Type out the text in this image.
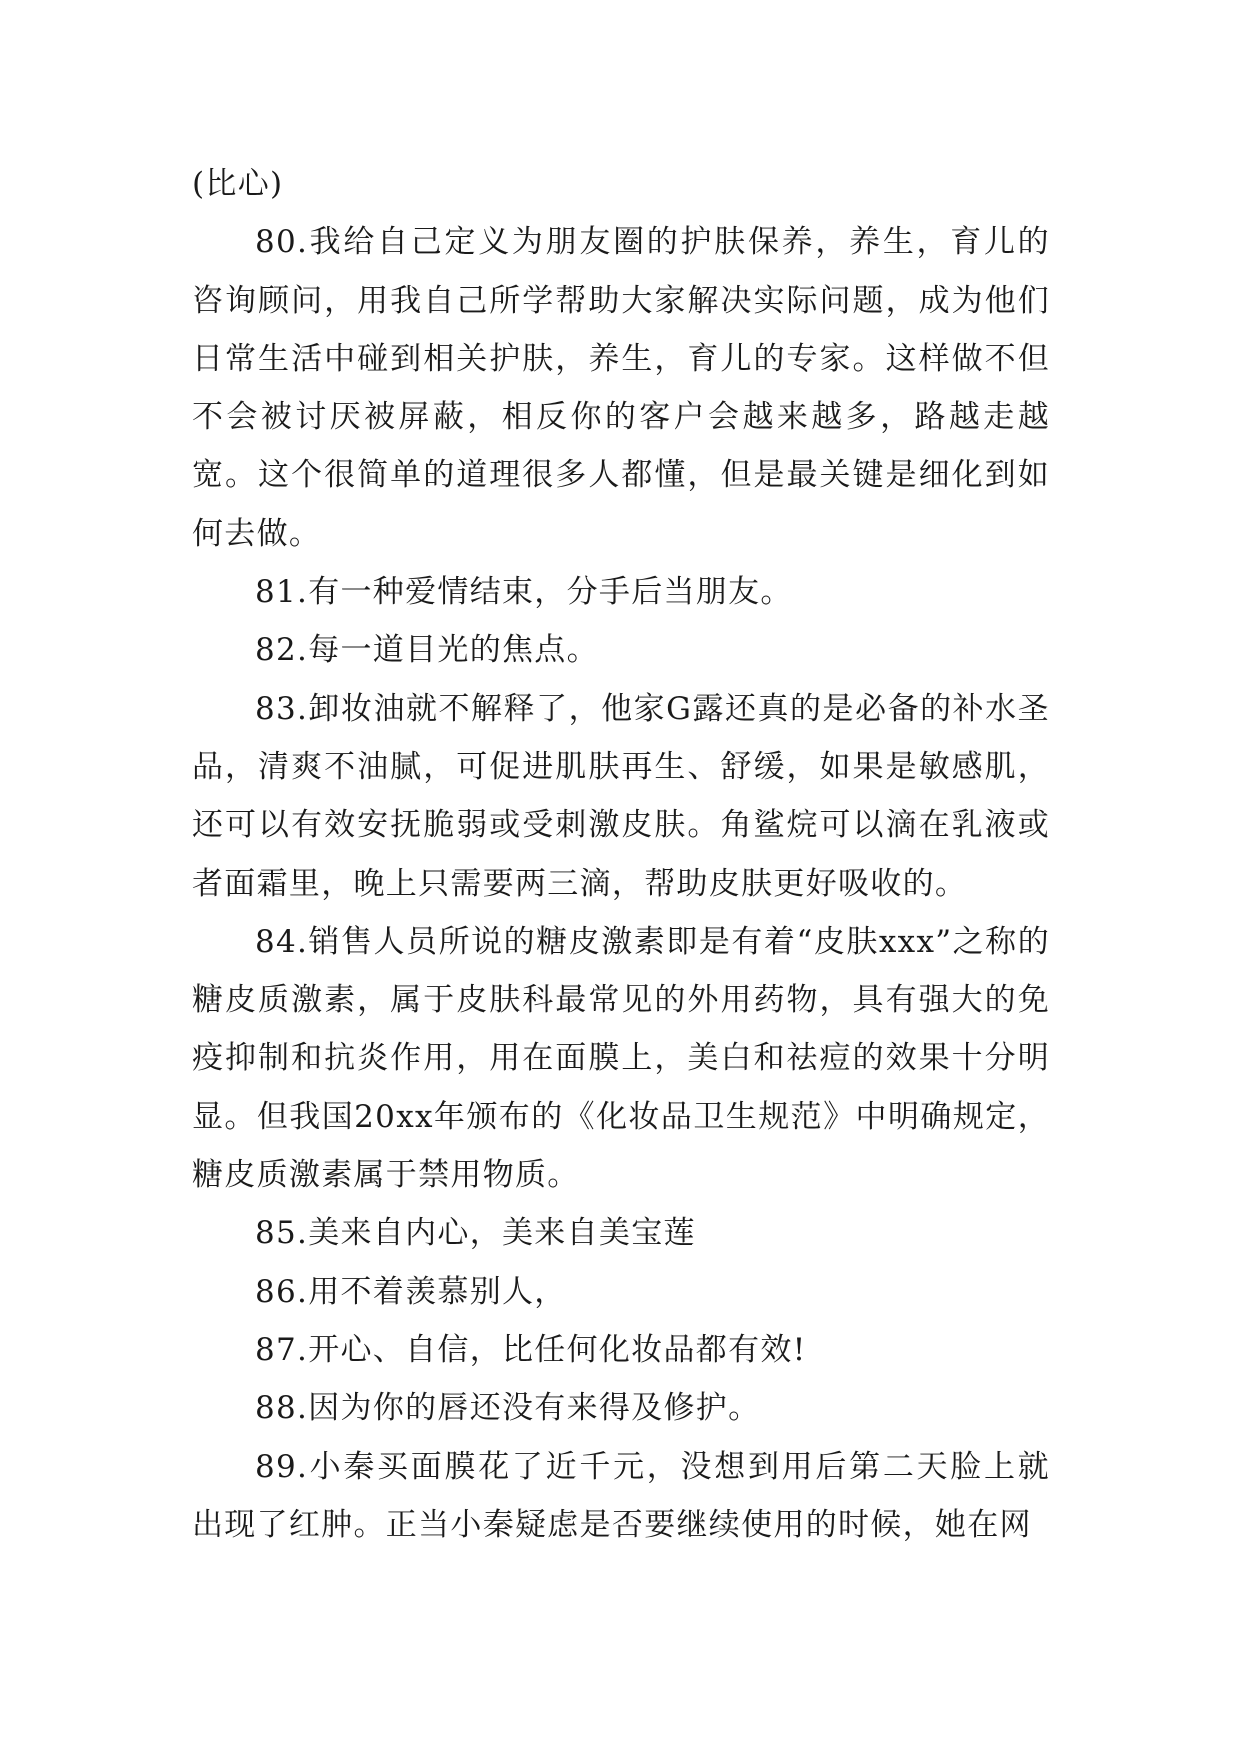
(比心)

80.我给自己定义为朋友圈的护肤保养，养生，育儿的咨询顾问，用我自己所学帮助大家解决实际问题，成为他们日常生活中碰到相关护肤，养生，育儿的专家。这样做不但不会被讨厌被屏蔽，相反你的客户会越来越多，路越走越宽。这个很简单的道理很多人都懂，但是最关键是细化到如何去做。

81.有一种爱情结束，分手后当朋友。

82.每一道目光的焦点。

83.卸妆油就不解释了，他家G露还真的是必备的补水圣品，清爽不油腻，可促进肌肤再生、舒缓，如果是敏感肌，还可以有效安抚脆弱或受刺激皮肤。角鲨烷可以滴在乳液或者面霜里，晚上只需要两三滴，帮助皮肤更好吸收的。

84.销售人员所说的糖皮激素即是有着“皮肤xxx”之称的糖皮质激素，属于皮肤科最常见的外用药物，具有强大的免疫抑制和抗炎作用，用在面膜上，美白和祛痘的效果十分明显。但我国20xx年颁布的《化妆品卫生规范》中明确规定，糖皮质激素属于禁用物质。

85.美来自内心，美来自美宝莲

86.用不着羡慕别人，

87.开心、自信，比任何化妆品都有效!

88.因为你的唇还没有来得及修护。

89.小秦买面膜花了近千元，没想到用后第二天脸上就出现了红肿。正当小秦疑虑是否要继续使用的时候，她在网
